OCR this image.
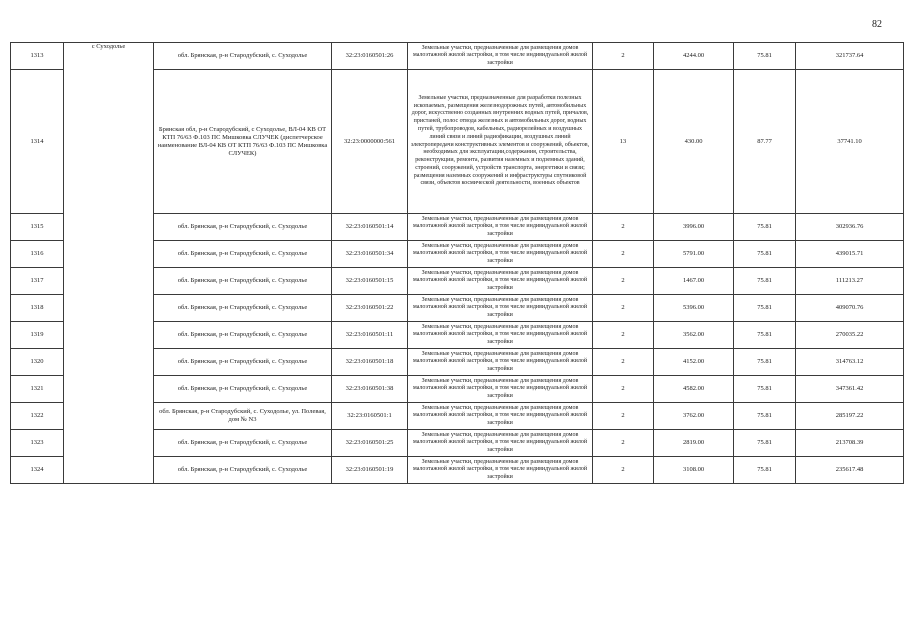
82
1313	с Суходолье	обл. Брянская, р-н Стародубский, с. Суходолье	32:23:0160501:26	Земельные участки, предназначенные для размещения домов малоэтажной жилой застройки, в том числе индивидуальной жилой застройки	2	4244.00	75.81	321737.64
1314		Брянская обл, р-н Стародубский, с Суходолье, ВЛ-04 КВ ОТ КТП 76/63 Ф.103 ПС Мишковка СЛУЧЕК (диспетчерское наименование ВЛ-04 КВ ОТ КТП 76/63 Ф.103 ПС Мишковка СЛУЧЕК)	32:23:0000000:561	Земельные участки, предназначенные для разработки полезных ископаемых, размещения железнодорожных путей, автомобильных дорог, искусственно созданных внутренних водных путей, причалов, пристаней, полос отвода железных и автомобильных дорог, водных путей, трубопроводов, кабельных, радиорелейных и воздушных линий связи и линий радиофикации, воздушных линий электропередачи конструктивных элементов и сооружений, объектов, необходимых для эксплуатации,содержания, строительства, реконструкции, ремонта, развития наземных и подземных зданий, строений, сооружений, устройств транспорта, энергетики и связи; размещения наземных сооружений и инфраструктуры спутниковой связи, объектов космической деятельности, военных объектов	13	430.00	87.77	37741.10
1315		обл. Брянская, р-н Стародубский, с. Суходолье	32:23:0160501:14	Земельные участки, предназначенные для размещения домов малоэтажной жилой застройки, в том числе индивидуальной жилой застройки	2	3996.00	75.81	302936.76
1316		обл. Брянская, р-н Стародубский, с. Суходолье	32:23:0160501:34	Земельные участки, предназначенные для размещения домов малоэтажной жилой застройки, в том числе индивидуальной жилой застройки	2	5791.00	75.81	439015.71
1317		обл. Брянская, р-н Стародубский, с. Суходолье	32:23:0160501:15	Земельные участки, предназначенные для размещения домов малоэтажной жилой застройки, в том числе индивидуальной жилой застройки	2	1467.00	75.81	111213.27
1318		обл. Брянская, р-н Стародубский, с. Суходолье	32:23:0160501:22	Земельные участки, предназначенные для размещения домов малоэтажной жилой застройки, в том числе индивидуальной жилой застройки	2	5396.00	75.81	409070.76
1319		обл. Брянская, р-н Стародубский, с. Суходолье	32:23:0160501:11	Земельные участки, предназначенные для размещения домов малоэтажной жилой застройки, в том числе индивидуальной жилой застройки	2	3562.00	75.81	270035.22
1320		обл. Брянская, р-н Стародубский, с. Суходолье	32:23:0160501:18	Земельные участки, предназначенные для размещения домов малоэтажной жилой застройки, в том числе индивидуальной жилой застройки	2	4152.00	75.81	314763.12
1321		обл. Брянская, р-н Стародубский, с. Суходолье	32:23:0160501:38	Земельные участки, предназначенные для размещения домов малоэтажной жилой застройки, в том числе индивидуальной жилой застройки	2	4582.00	75.81	347361.42
1322		обл. Брянская, р-н Стародубский, с. Суходолье, ул. Полевая, дом № N3	32:23:0160501:1	Земельные участки, предназначенные для размещения домов малоэтажной жилой застройки, в том числе индивидуальной жилой застройки	2	3762.00	75.81	285197.22
1323		обл. Брянская, р-н Стародубский, с. Суходолье	32:23:0160501:25	Земельные участки, предназначенные для размещения домов малоэтажной жилой застройки, в том числе индивидуальной жилой застройки	2	2819.00	75.81	213708.39
1324		обл. Брянская, р-н Стародубский, с. Суходолье	32:23:0160501:19	Земельные участки, предназначенные для размещения домов малоэтажной жилой застройки, в том числе индивидуальной жилой застройки	2	3108.00	75.81	235617.48
